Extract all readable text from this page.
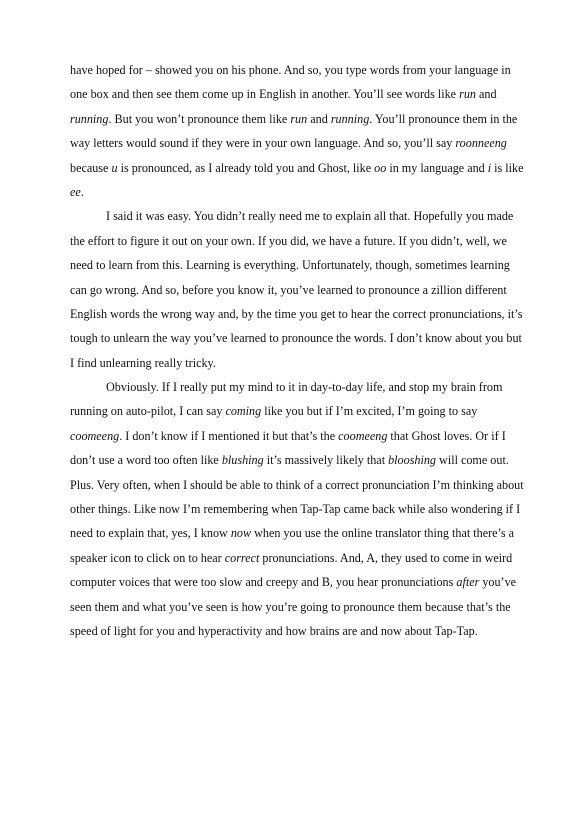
have hoped for – showed you on his phone. And so, you type words from your language in
one box and then see them come up in English in another. You’ll see words like run and
running. But you won’t pronounce them like run and running. You’ll pronounce them in the
way letters would sound if they were in your own language. And so, you’ll say roonneeng
because u is pronounced, as I already told you and Ghost, like oo in my language and i is like
ee.
I said it was easy. You didn’t really need me to explain all that. Hopefully you made
the effort to figure it out on your own. If you did, we have a future. If you didn’t, well, we
need to learn from this. Learning is everything. Unfortunately, though, sometimes learning
can go wrong. And so, before you know it, you’ve learned to pronounce a zillion different
English words the wrong way and, by the time you get to hear the correct pronunciations, it’s
tough to unlearn the way you’ve learned to pronounce the words. I don’t know about you but
I find unlearning really tricky.
Obviously. If I really put my mind to it in day-to-day life, and stop my brain from
running on auto-pilot, I can say coming like you but if I’m excited, I’m going to say
coomeeng. I don’t know if I mentioned it but that’s the coomeeng that Ghost loves. Or if I
don’t use a word too often like blushing it’s massively likely that blooshing will come out.
Plus. Very often, when I should be able to think of a correct pronunciation I’m thinking about
other things. Like now I’m remembering when Tap-Tap came back while also wondering if I
need to explain that, yes, I know now when you use the online translator thing that there’s a
speaker icon to click on to hear correct pronunciations. And, A, they used to come in weird
computer voices that were too slow and creepy and B, you hear pronunciations after you’ve
seen them and what you’ve seen is how you’re going to pronounce them because that’s the
speed of light for you and hyperactivity and how brains are and now about Tap-Tap.
